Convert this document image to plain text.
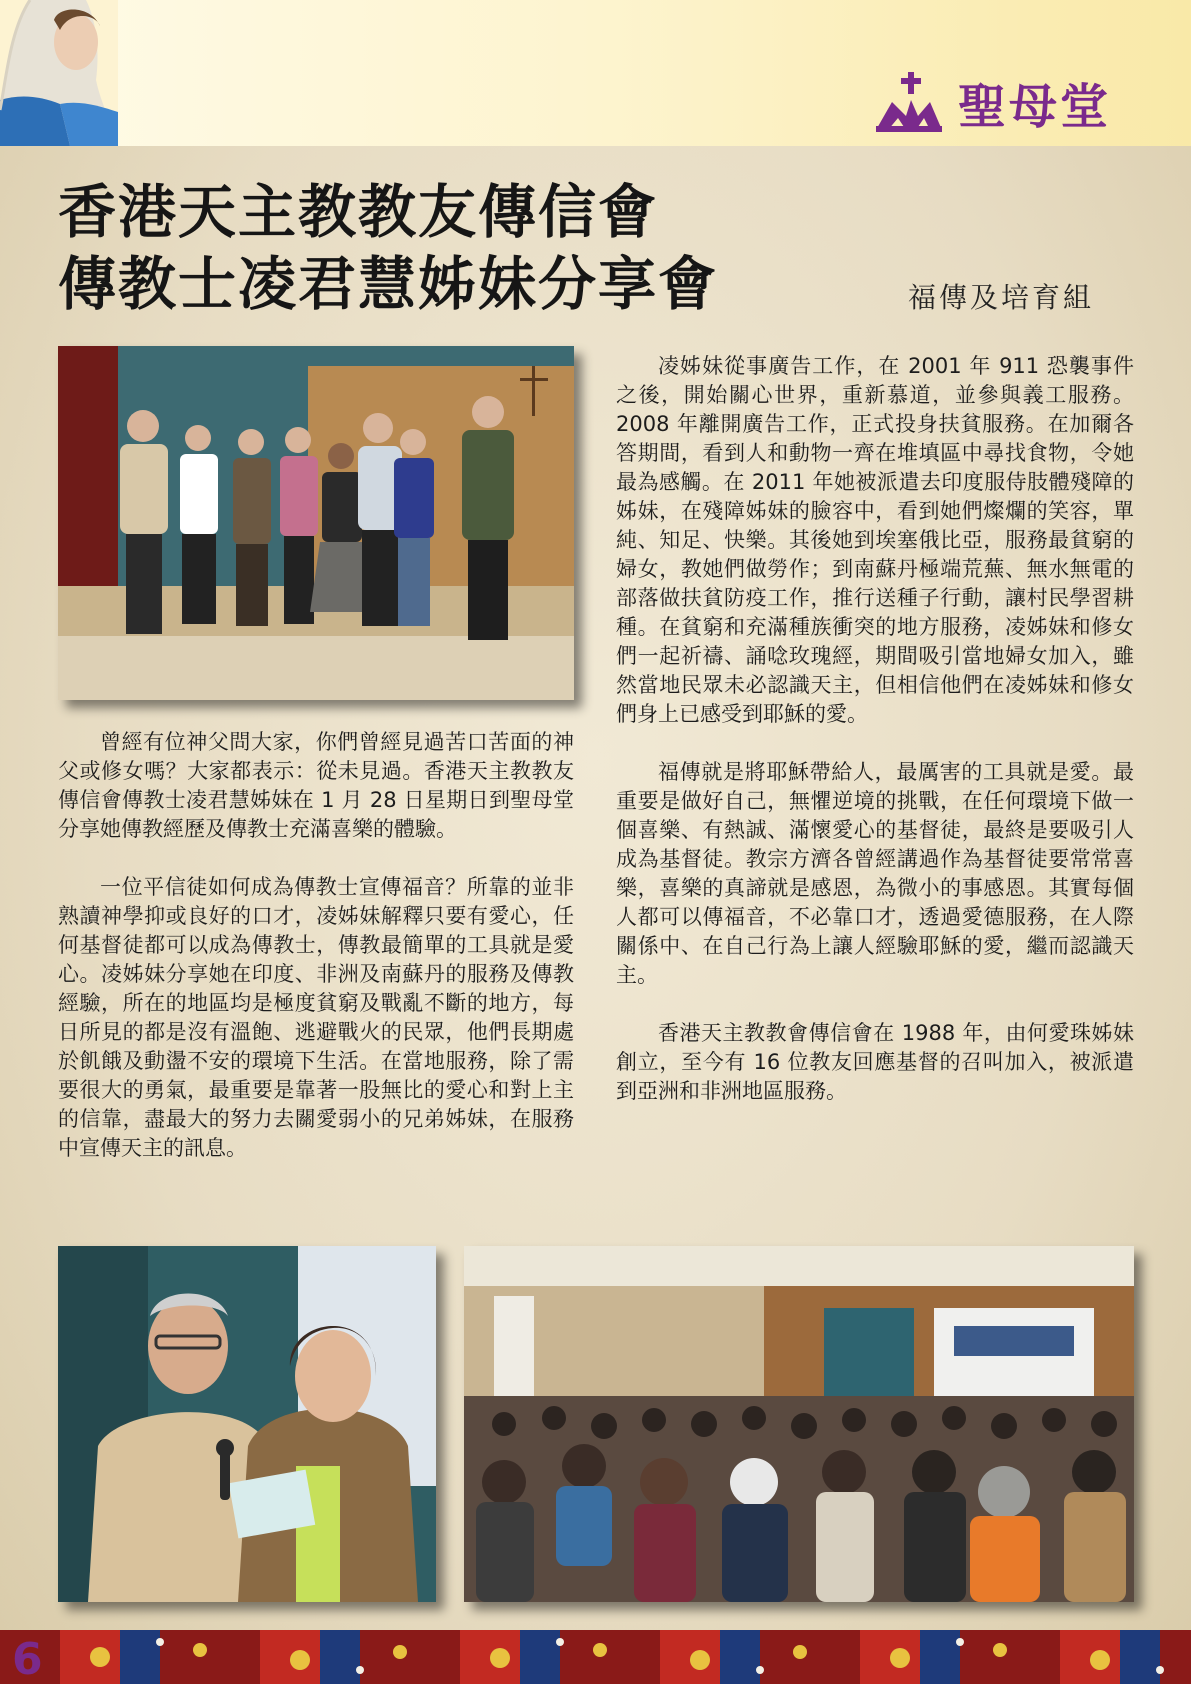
聖母堂
香港天主教教友傳信會
傳教士凌君慧姊妹分享會	福傳及培育組

曾經有位神父問大家，你們曾經見過苦口苦面的神父或修女嗎？大家都表示：從未見過。香港天主教教友傳信會傳教士凌君慧姊妹在 1 月 28 日星期日到聖母堂分享她傳教經歷及傳教士充滿喜樂的體驗。

一位平信徒如何成為傳教士宣傳福音？所靠的並非熟讀神學抑或良好的口才，凌姊妹解釋只要有愛心，任何基督徒都可以成為傳教士，傳教最簡單的工具就是愛心。凌姊妹分享她在印度、非洲及南蘇丹的服務及傳教經驗，所在的地區均是極度貧窮及戰亂不斷的地方，每日所見的都是沒有溫飽、逃避戰火的民眾，他們長期處於飢餓及動盪不安的環境下生活。在當地服務，除了需要很大的勇氣，最重要是靠著一股無比的愛心和對上主的信靠，盡最大的努力去關愛弱小的兄弟姊妹，在服務中宣傳天主的訊息。

凌姊妹從事廣告工作，在 2001 年 911 恐襲事件之後，開始關心世界，重新慕道，並參與義工服務。2008 年離開廣告工作，正式投身扶貧服務。在加爾各答期間，看到人和動物一齊在堆填區中尋找食物，令她最為感觸。在 2011 年她被派遣去印度服侍肢體殘障的姊妹，在殘障姊妹的臉容中，看到她們燦爛的笑容，單純、知足、快樂。其後她到埃塞俄比亞，服務最貧窮的婦女，教她們做勞作；到南蘇丹極端荒蕪、無水無電的部落做扶貧防疫工作，推行送種子行動，讓村民學習耕種。在貧窮和充滿種族衝突的地方服務，凌姊妹和修女們一起祈禱、誦唸玫瑰經，期間吸引當地婦女加入，雖然當地民眾未必認識天主，但相信他們在凌姊妹和修女們身上已感受到耶穌的愛。

福傳就是將耶穌帶給人，最厲害的工具就是愛。最重要是做好自己，無懼逆境的挑戰，在任何環境下做一個喜樂、有熱誠、滿懷愛心的基督徒，最終是要吸引人成為基督徒。教宗方濟各曾經講過作為基督徒要常常喜樂，喜樂的真諦就是感恩，為微小的事感恩。其實每個人都可以傳福音，不必靠口才，透過愛德服務，在人際關係中、在自己行為上讓人經驗耶穌的愛，繼而認識天主。

香港天主教教會傳信會在 1988 年，由何愛珠姊妹創立，至今有 16 位教友回應基督的召叫加入，被派遣到亞洲和非洲地區服務。

6
